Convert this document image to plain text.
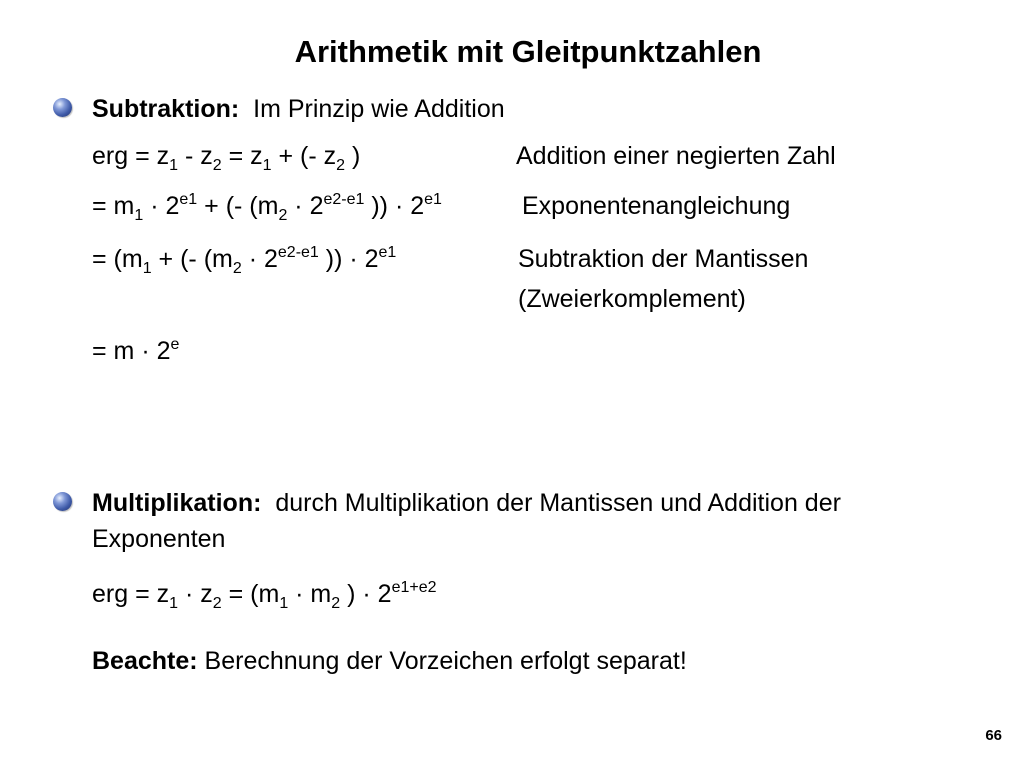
Arithmetik mit Gleitpunktzahlen
Subtraktion: Im Prinzip wie Addition
erg = $z_1 - z_2 = z_1$ + (- $z_2$ )	Addition einer negierten Zahl
= $m_1 \cdot 2^{e1}$ + (- ($m_2 \cdot 2^{e2-e1}$ )) · $2^{e1}$	Exponentenangleichung
= ($m_1$ + (- ($m_2 \cdot 2^{e2-e1}$ )) · $2^{e1}$	Subtraktion der Mantissen
(Zweierkomplement)
= $m \cdot 2^e$
Multiplikation: durch Multiplikation der Mantissen und Addition der
Exponenten
erg = $z_1 \cdot z_2 = (m_1 \cdot m_2$ ) · $2^{e1+e2}$
Beachte: Berechnung der Vorzeichen erfolgt separat!
66
